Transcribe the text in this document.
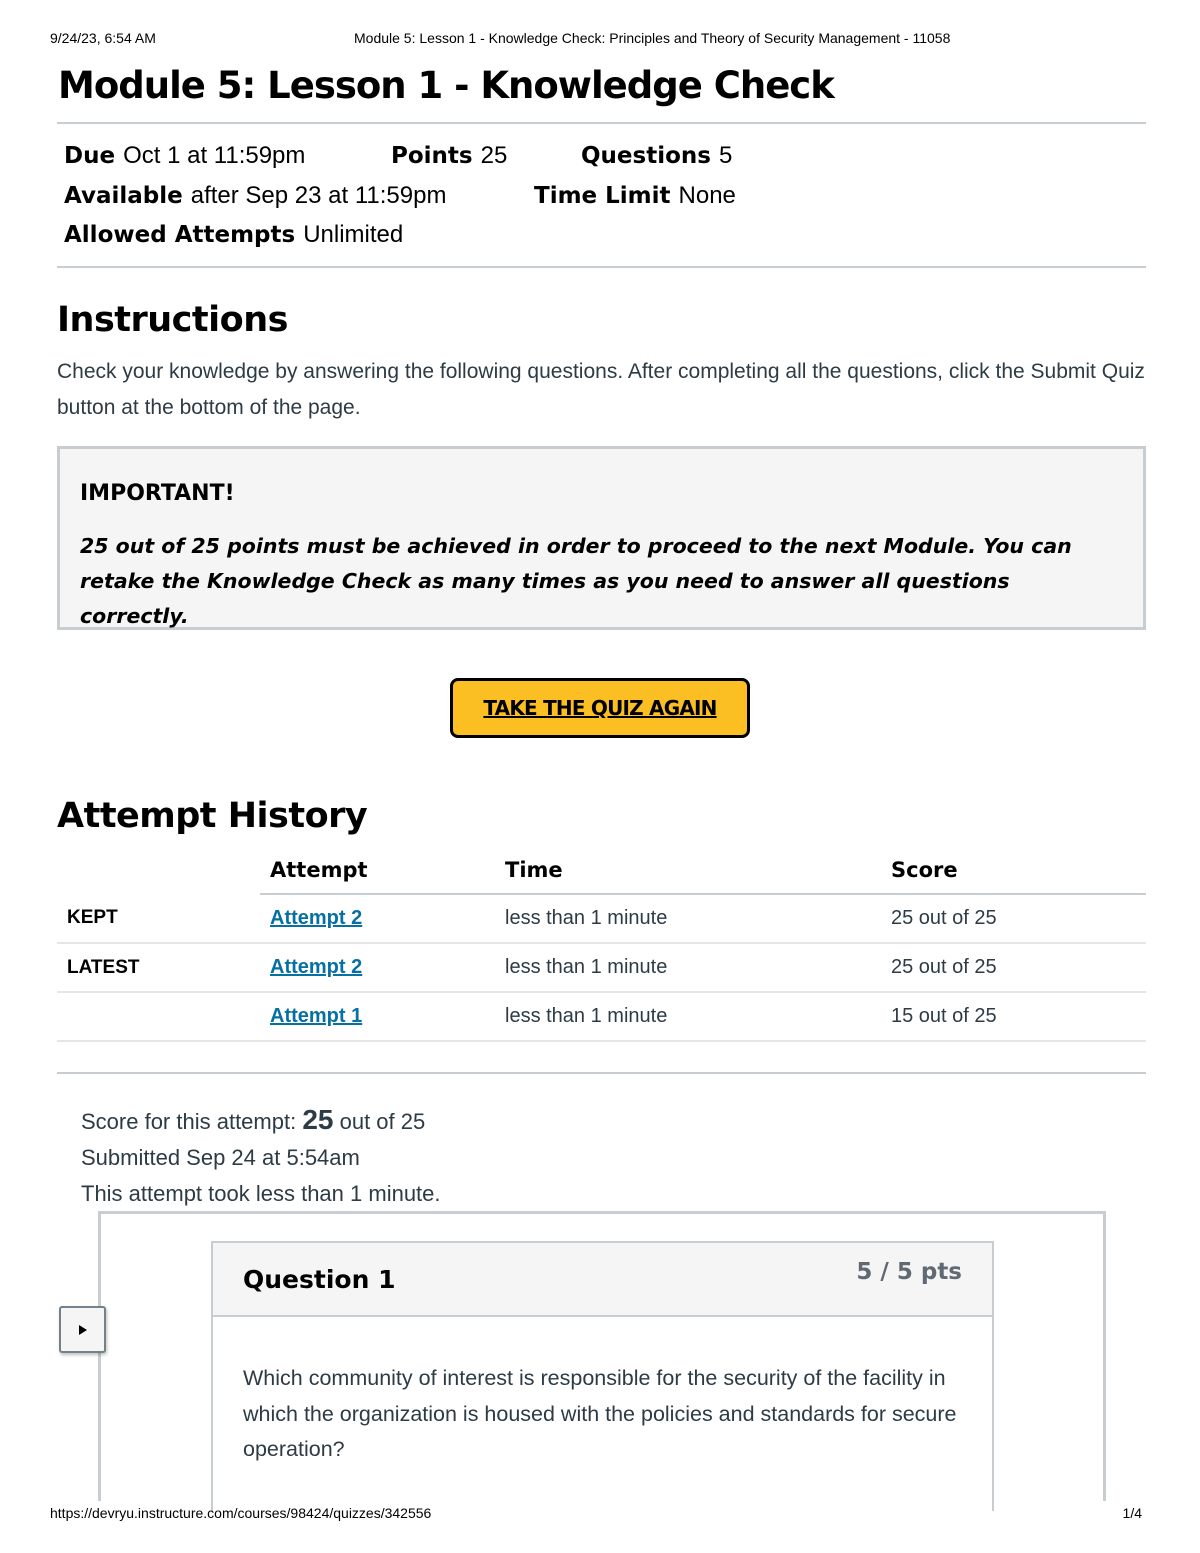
9/24/23, 6:54 AM	Module 5: Lesson 1 - Knowledge Check: Principles and Theory of Security Management - 11058
Module 5: Lesson 1 - Knowledge Check
Due Oct 1 at 11:59pm	Points 25	Questions 5
Available after Sep 23 at 11:59pm	Time Limit None
Allowed Attempts Unlimited
Instructions

Check your knowledge by answering the following questions. After completing all the questions, click the Submit Quiz button at the bottom of the page.

IMPORTANT!
25 out of 25 points must be achieved in order to proceed to the next Module. You can retake the Knowledge Check as many times as you need to answer all questions correctly.
TAKE THE QUIZ AGAIN
Attempt History
	Attempt	Time	Score
KEPT	Attempt 2	less than 1 minute	25 out of 25
LATEST	Attempt 2	less than 1 minute	25 out of 25
	Attempt 1	less than 1 minute	15 out of 25
Score for this attempt: 25 out of 25
Submitted Sep 24 at 5:54am
This attempt took less than 1 minute.
Question 1	5 / 5 pts
Which community of interest is responsible for the security of the facility in which the organization is housed with the policies and standards for secure operation?
https://devryu.instructure.com/courses/98424/quizzes/342556	1/4
